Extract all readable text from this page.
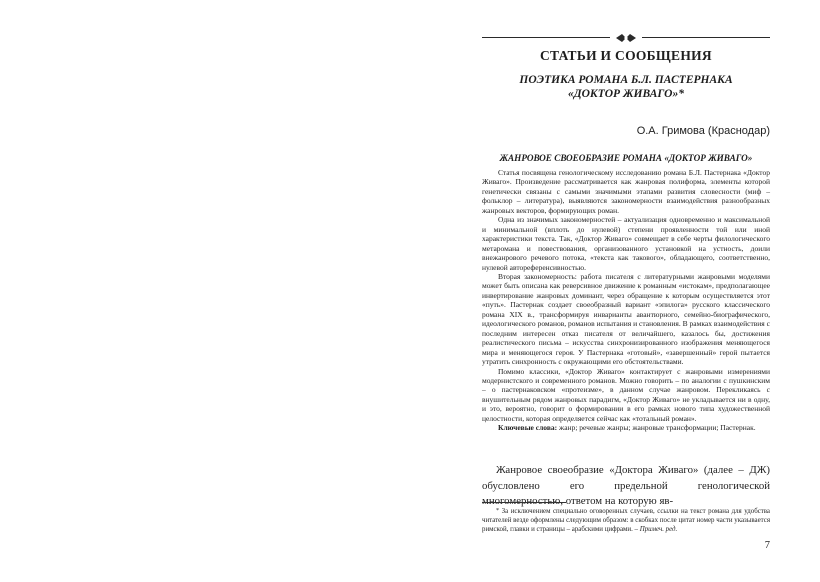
СТАТЬИ И СООБЩЕНИЯ
ПОЭТИКА РОМАНА Б.Л. ПАСТЕРНАКА
«ДОКТОР ЖИВАГО»*
О.А. Гримова (Краснодар)
ЖАНРОВОЕ СВОЕОБРАЗИЕ РОМАНА «ДОКТОР ЖИВАГО»

Статья посвящена генологическому исследованию романа Б.Л. Пастернака «Доктор Живаго». Произведение рассматривается как жанровая полиформа, элементы которой генетически связаны с самыми значимыми этапами развития словесности (миф – фольклор – литература), выявляются закономерности взаимодействия разнообразных жанровых векторов, формирующих роман.

Одна из значимых закономерностей – актуализация одновременно и максимальной и минимальной (вплоть до нулевой) степени проявленности той или иной характеристики текста. Так, «Доктор Живаго» совмещает в себе черты филологического метаромана и повествования, организованного установкой на устность, доили внежанрового речевого потока, «текста как такового», обладающего, соответственно, нулевой автореференсивностью.

Вторая закономерность: работа писателя с литературными жанровыми моделями может быть описана как реверсивное движение к романным «истокам», предполагающее инвертирование жанровых доминант, через обращение к которым осуществляется этот «путь». Пастернак создает своеобразный вариант «эпилога» русского классического романа XIX в., трансформируя инварианты авантюрного, семейно-биографического, идеологического романов, романов испытания и становления. В рамках взаимодействия с последним интересен отказ писателя от величайшего, казалось бы, достижения реалистического письма – искусства синхронизированного изображения меняющегося мира и меняющегося героя. У Пастернака «готовый», «завершенный» герой пытается утратить синхронность с окружающими его обстоятельствами.

Помимо классики, «Доктор Живаго» контактирует с жанровыми измерениями модернистского и современного романов. Можно говорить – по аналогии с пушкинским – о пастернаковском «протеизме», в данном случае жанровом. Перекликаясь с внушительным рядом жанровых парадигм, «Доктор Живаго» не укладывается ни в одну, и это, вероятно, говорит о формировании в его рамках нового типа художественной целостности, которая определяется сейчас как «тотальный роман».

Ключевые слова: жанр; речевые жанры; жанровые трансформации; Пастернак.

Жанровое своеобразие «Доктора Живаго» (далее – ДЖ) обусловлено его предельной генологической многомерностью, ответом на которую яв-

* За исключением специально оговоренных случаев, ссылки на текст романа для удобства читателей везде оформлены следующим образом: в скобках после цитат номер части указывается римской, главки и страницы – арабскими цифрами. – Примеч. ред.

7
